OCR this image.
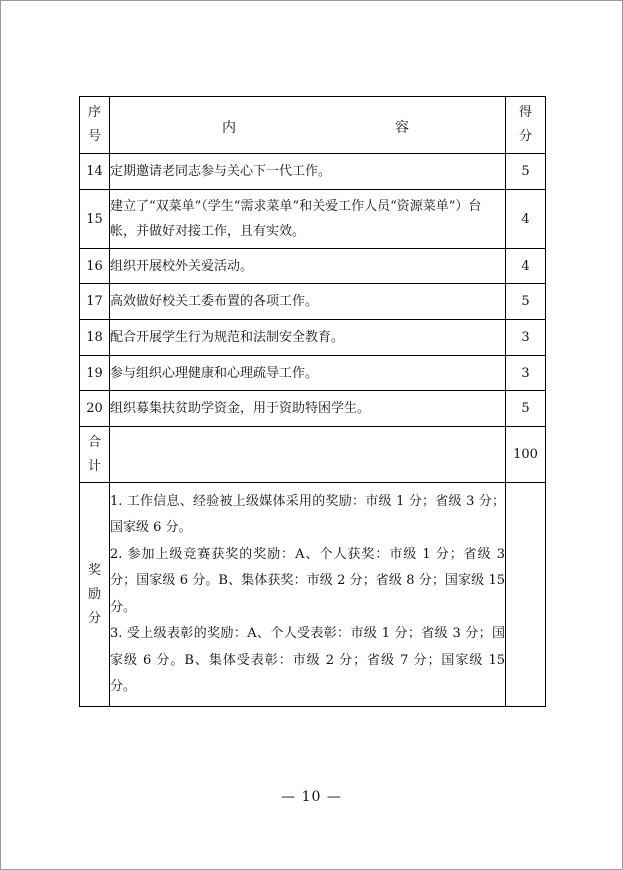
序号	内 容	得分
14	定期邀请老同志参与关心下一代工作。	5
15	建立了“双菜单”（学生“需求菜单”和关爱工作人员“资源菜单”）台帐，并做好对接工作，且有实效。	4
16	组织开展校外关爱活动。	4
17	高效做好校关工委布置的各项工作。	5
18	配合开展学生行为规范和法制安全教育。	3
19	参与组织心理健康和心理疏导工作。	3
20	组织募集扶贫助学资金，用于资助特困学生。	5
合计		100
奖励分	1. 工作信息、经验被上级媒体采用的奖励：市级 1 分；省级 3 分；国家级 6 分。
2. 参加上级竞赛获奖的奖励：A、个人获奖：市级 1 分；省级 3 分；国家级 6 分。B、集体获奖：市级 2 分；省级 8 分；国家级 15 分。
3. 受上级表彰的奖励：A、个人受表彰：市级 1 分；省级 3 分；国家级 6 分。B、集体受表彰：市级 2 分；省级 7 分；国家级 15 分。	

— 10 —
